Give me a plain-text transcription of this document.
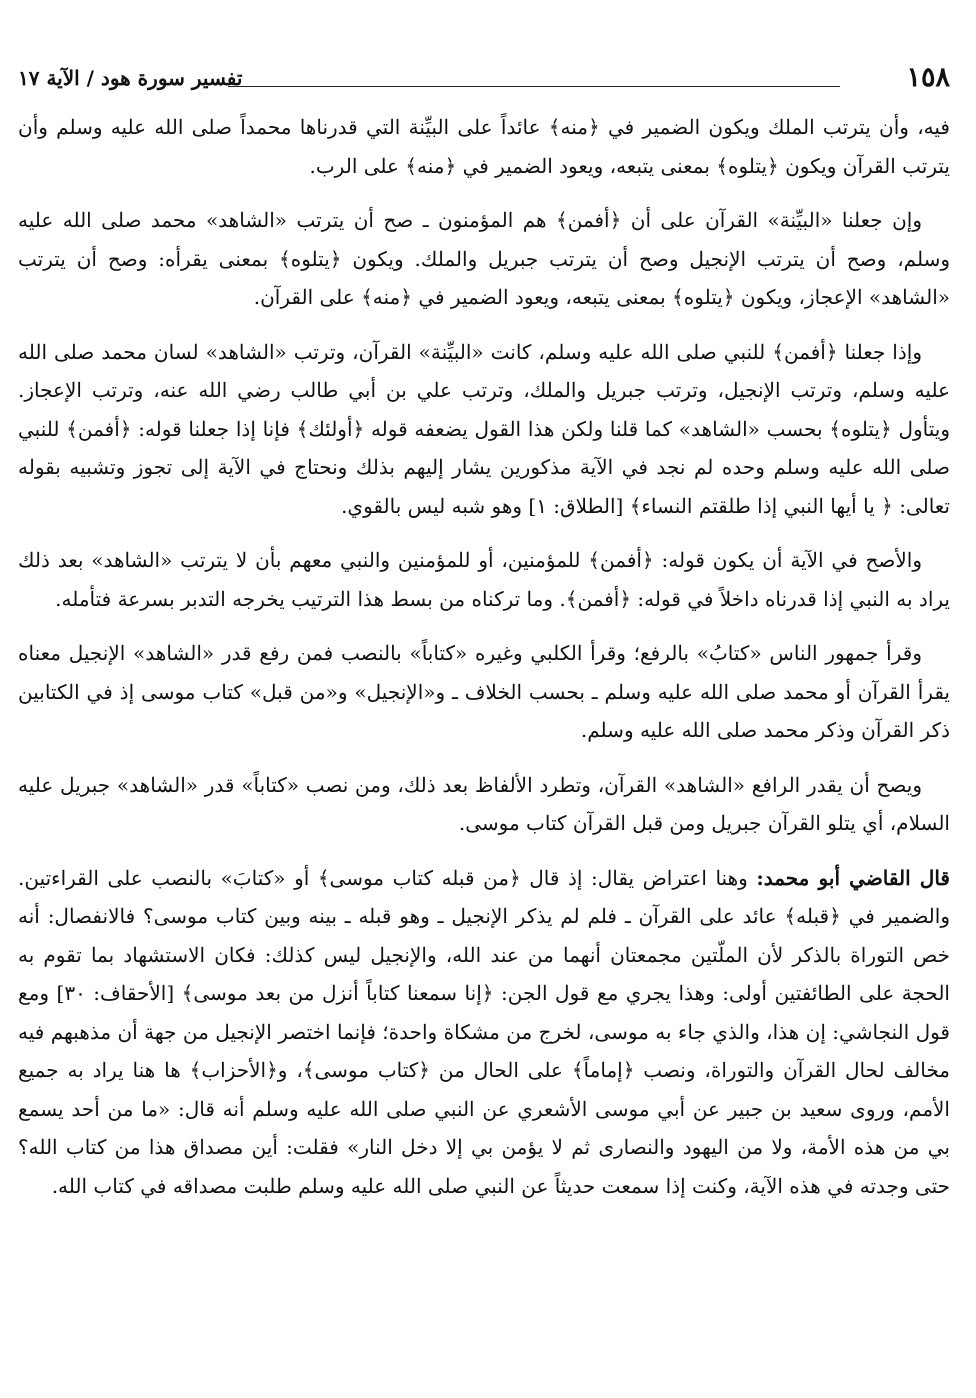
١٥٨
تفسير سورة هود / الآية ١٧

فيه، وأن يترتب الملك ويكون الضمير في ﴿منه﴾ عائداً على البيِّنة التي قدرناها محمداً صلى الله عليه وسلم وأن يترتب القرآن ويكون ﴿يتلوه﴾ بمعنى يتبعه، ويعود الضمير في ﴿منه﴾ على الرب.

وإن جعلنا «البيِّنة» القرآن على أن ﴿أفمن﴾ هم المؤمنون ـ صح أن يترتب «الشاهد» محمد صلى الله عليه وسلم، وصح أن يترتب الإنجيل وصح أن يترتب جبريل والملك. ويكون ﴿يتلوه﴾ بمعنى يقرأه: وصح أن يترتب «الشاهد» الإعجاز، ويكون ﴿يتلوه﴾ بمعنى يتبعه، ويعود الضمير في ﴿منه﴾ على القرآن.

وإذا جعلنا ﴿أفمن﴾ للنبي صلى الله عليه وسلم، كانت «البيِّنة» القرآن، وترتب «الشاهد» لسان محمد صلى الله عليه وسلم، وترتب الإنجيل، وترتب جبريل والملك، وترتب علي بن أبي طالب رضي الله عنه، وترتب الإعجاز. ويتأول ﴿يتلوه﴾ بحسب «الشاهد» كما قلنا ولكن هذا القول يضعفه قوله ﴿أولئك﴾ فإنا إذا جعلنا قوله: ﴿أفمن﴾ للنبي صلى الله عليه وسلم وحده لم نجد في الآية مذكورين يشار إليهم بذلك ونحتاج في الآية إلى تجوز وتشبيه بقوله تعالى: ﴿ يا أيها النبي إذا طلقتم النساء﴾ [الطلاق: ١] وهو شبه ليس بالقوي.

والأصح في الآية أن يكون قوله: ﴿أفمن﴾ للمؤمنين، أو للمؤمنين والنبي معهم بأن لا يترتب «الشاهد» بعد ذلك يراد به النبي إذا قدرناه داخلاً في قوله: ﴿أفمن﴾. وما تركناه من بسط هذا الترتيب يخرجه التدبر بسرعة فتأمله.

وقرأ جمهور الناس «كتابُ» بالرفع؛ وقرأ الكلبي وغيره «كتاباً» بالنصب فمن رفع قدر «الشاهد» الإنجيل معناه يقرأ القرآن أو محمد صلى الله عليه وسلم ـ بحسب الخلاف ـ و«الإنجيل» و«من قبل» كتاب موسى إذ في الكتابين ذكر القرآن وذكر محمد صلى الله عليه وسلم.

ويصح أن يقدر الرافع «الشاهد» القرآن، وتطرد الألفاظ بعد ذلك، ومن نصب «كتاباً» قدر «الشاهد» جبريل عليه السلام، أي يتلو القرآن جبريل ومن قبل القرآن كتاب موسى.

قال القاضي أبو محمد: وهنا اعتراض يقال: إذ قال ﴿من قبله كتاب موسى﴾ أو «كتابَ» بالنصب على القراءتين. والضمير في ﴿قبله﴾ عائد على القرآن ـ فلم لم يذكر الإنجيل ـ وهو قبله ـ بينه وبين كتاب موسى؟ فالانفصال: أنه خص التوراة بالذكر لأن الملّتين مجمعتان أنهما من عند الله، والإنجيل ليس كذلك: فكان الاستشهاد بما تقوم به الحجة على الطائفتين أولى: وهذا يجري مع قول الجن: ﴿إنا سمعنا كتاباً أنزل من بعد موسى﴾ [الأحقاف: ٣٠] ومع قول النجاشي: إن هذا، والذي جاء به موسى، لخرج من مشكاة واحدة؛ فإنما اختصر الإنجيل من جهة أن مذهبهم فيه مخالف لحال القرآن والتوراة، ونصب ﴿إماماً﴾ على الحال من ﴿كتاب موسى﴾، و﴿الأحزاب﴾ ها هنا يراد به جميع الأمم، وروى سعيد بن جبير عن أبي موسى الأشعري عن النبي صلى الله عليه وسلم أنه قال: «ما من أحد يسمع بي من هذه الأمة، ولا من اليهود والنصارى ثم لا يؤمن بي إلا دخل النار» فقلت: أين مصداق هذا من كتاب الله؟ حتى وجدته في هذه الآية، وكنت إذا سمعت حديثاً عن النبي صلى الله عليه وسلم طلبت مصداقه في كتاب الله.
